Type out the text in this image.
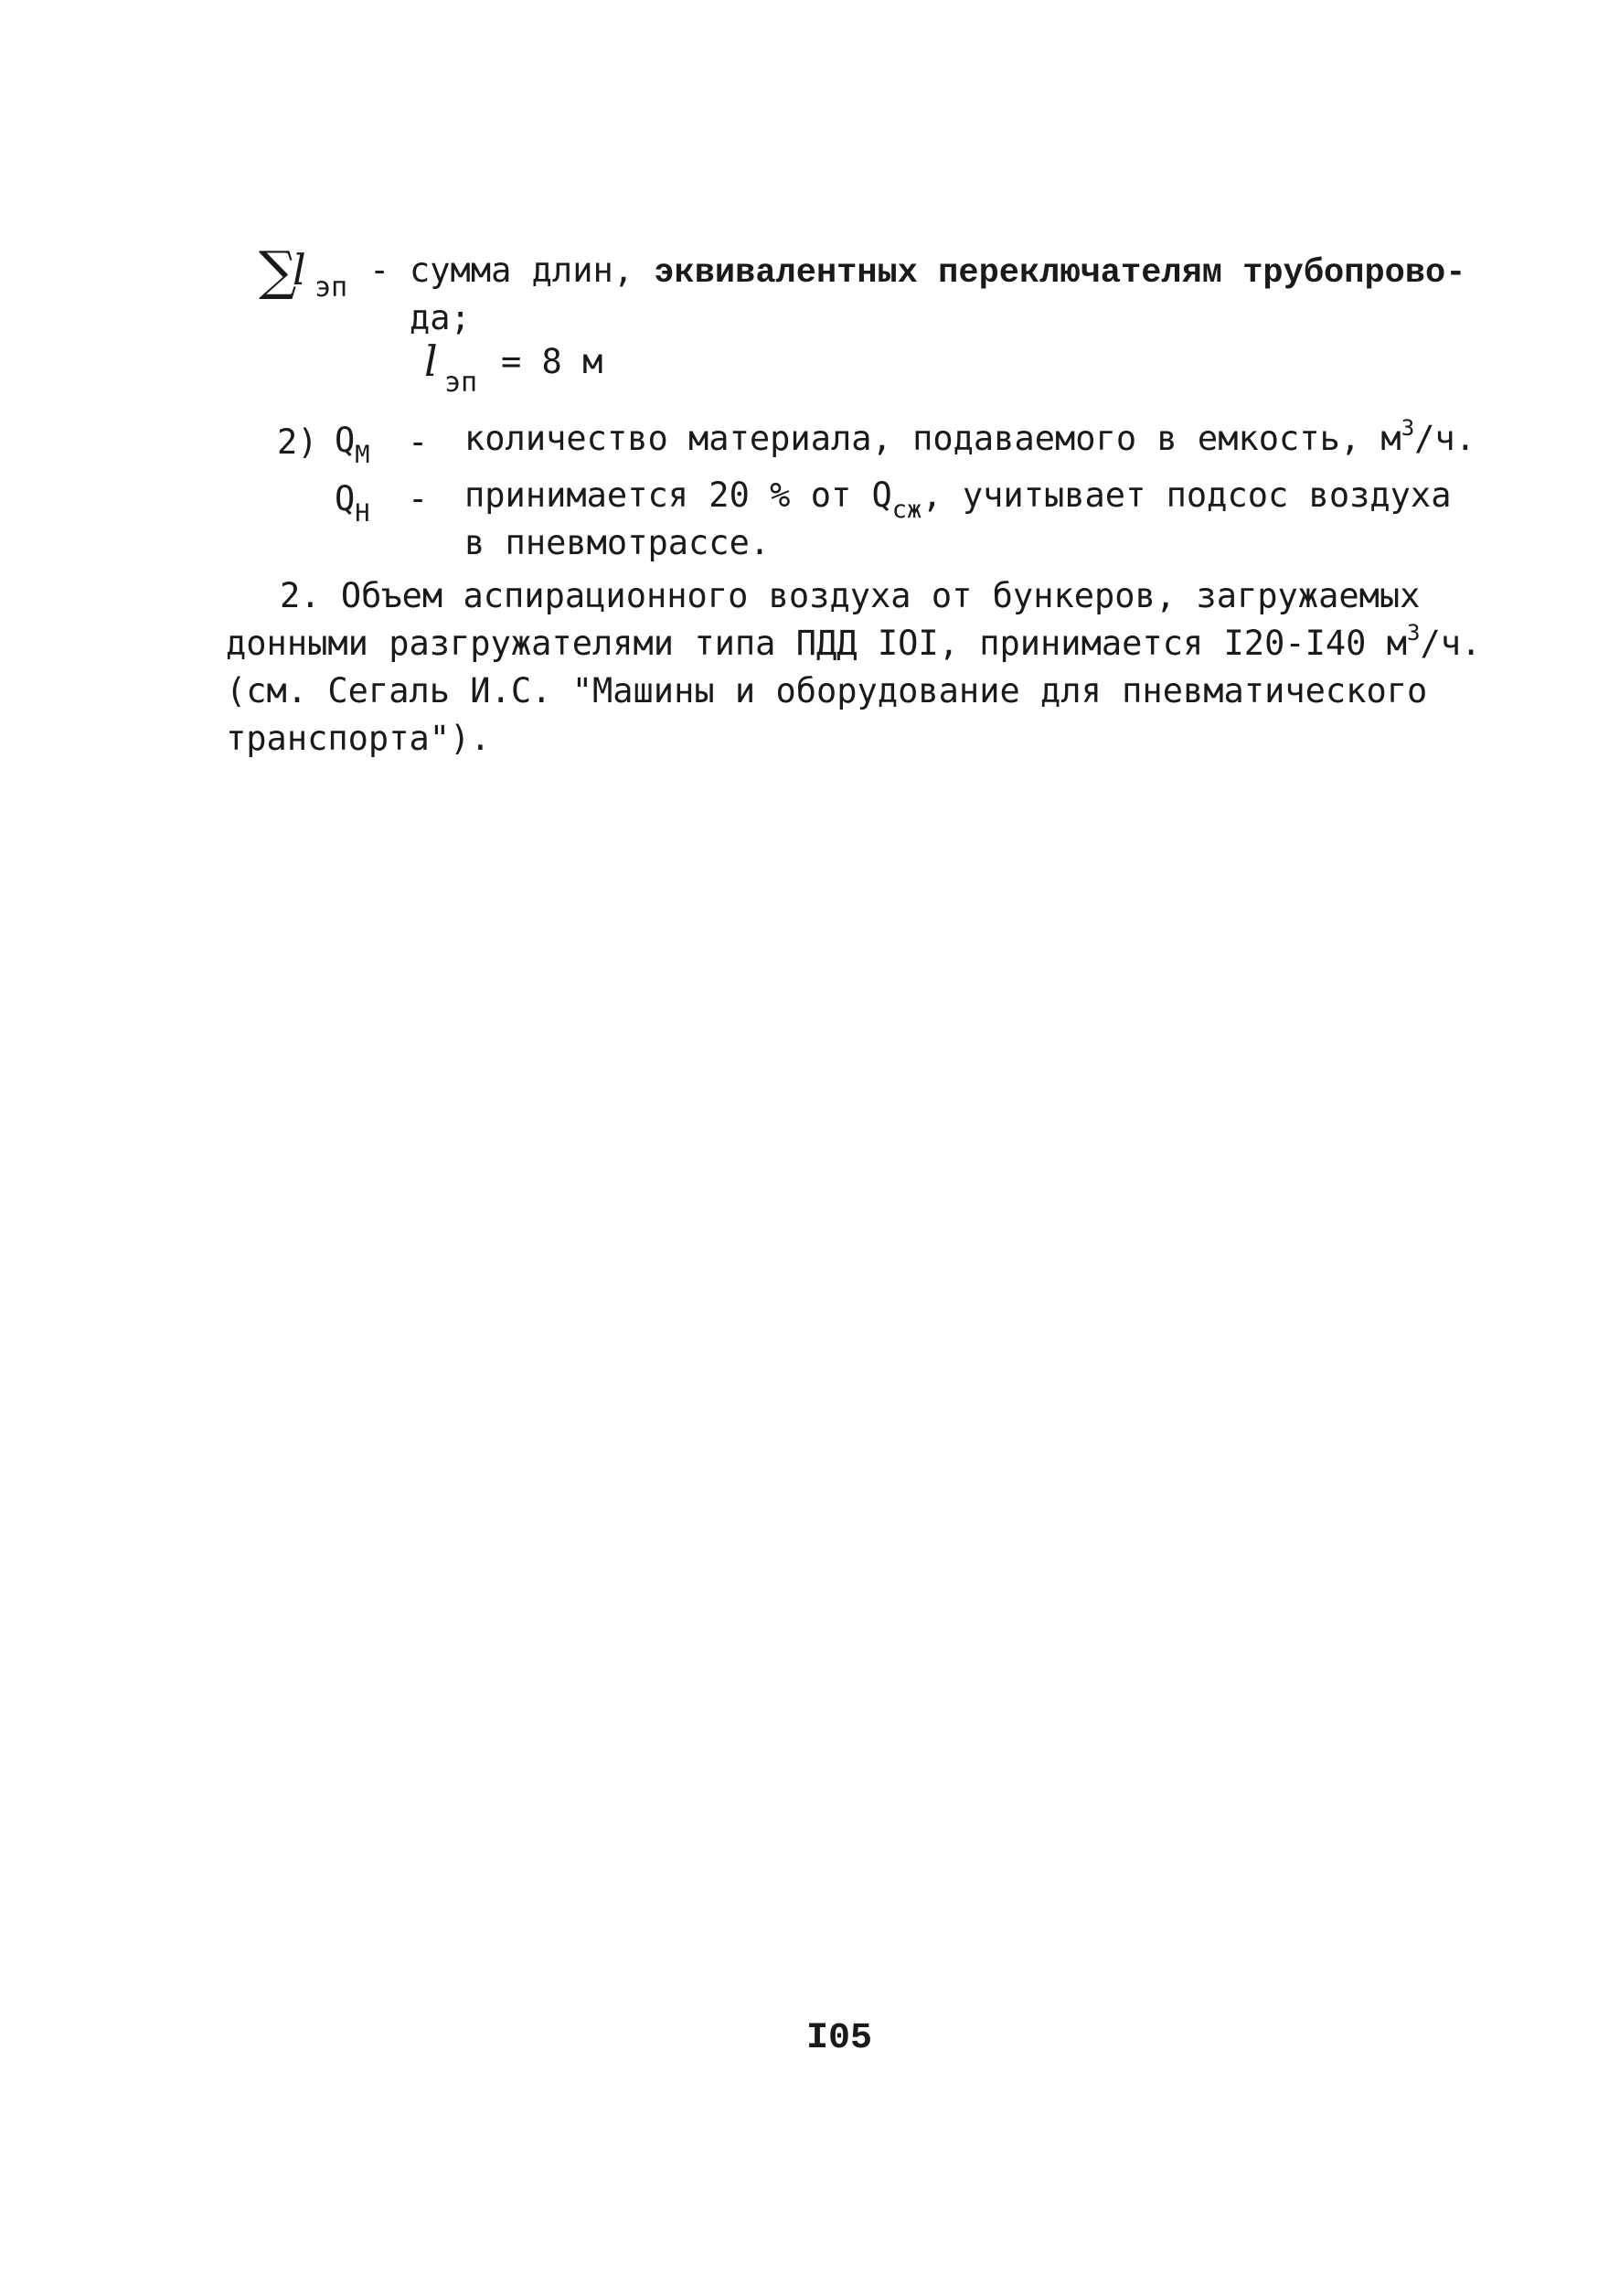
∑
l эп - сумма длин, эквивалентных переключателям трубопрово-
да;
l эп
= 8 м
2) $Q_М$ - количество материала, подаваемого в емкость, $м^3/ч$.
$Q_Н$ - принимается 20 % от $Q_{сж}$, учитывает подсос воздуха
в пневмотрассе.
2. Объем аспирационного воздуха от бункеров, загружаемых
донными разгружателями типа ПДД IOI, принимается I20-I40 $м^3/ч$.
(см. Сегаль И.С. "Машины и оборудование для пневматического
транспорта").
I05
